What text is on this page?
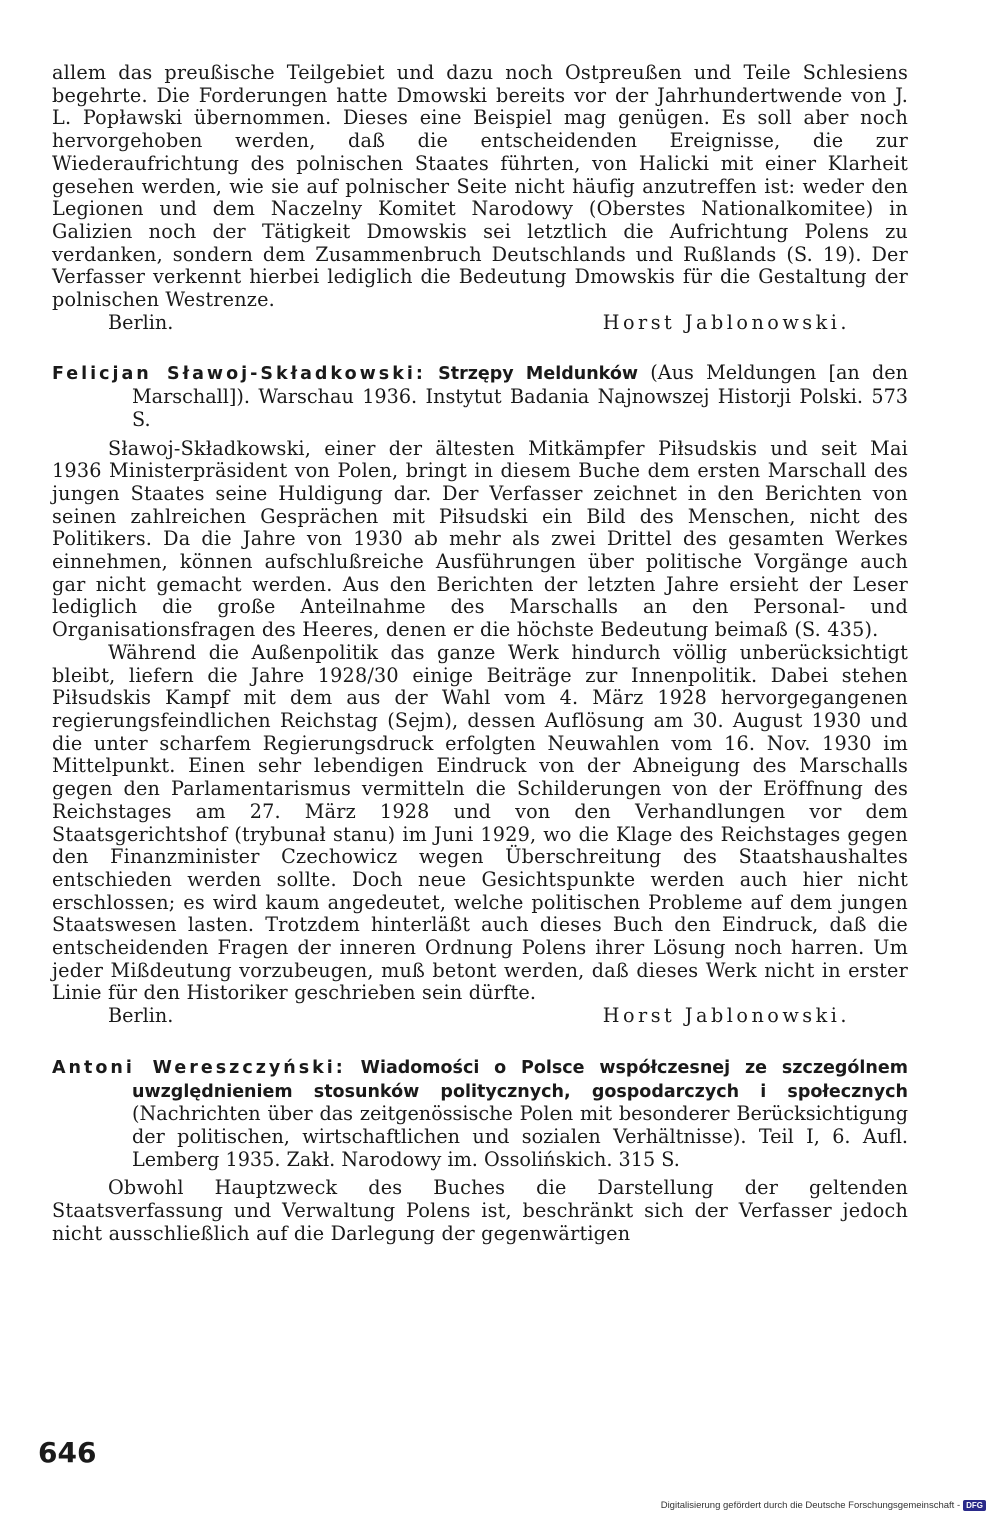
allem das preußische Teilgebiet und dazu noch Ostpreußen und Teile Schlesiens begehrte. Die Forderungen hatte Dmowski bereits vor der Jahrhundertwende von J. L. Popławski übernommen. Dieses eine Beispiel mag genügen. Es soll aber noch hervorgehoben werden, daß die entscheidenden Ereignisse, die zur Wiederaufrichtung des polnischen Staates führten, von Halicki mit einer Klarheit gesehen werden, wie sie auf polnischer Seite nicht häufig anzutreffen ist: weder den Legionen und dem Naczelny Komitet Narodowy (Oberstes Nationalkomitee) in Galizien noch der Tätigkeit Dmowskis sei letztlich die Aufrichtung Polens zu verdanken, sondern dem Zusammenbruch Deutschlands und Rußlands (S. 19). Der Verfasser verkennt hierbei lediglich die Bedeutung Dmowskis für die Gestaltung der polnischen Westrenze.

Berlin.	Horst Jablonowski.

Felicjan Sławoj-Składkowski: Strzępy Meldunków (Aus Meldungen [an den Marschall]). Warschau 1936. Instytut Badania Najnowszej Historji Polski. 573 S.

Sławoj-Składkowski, einer der ältesten Mitkämpfer Piłsudskis und seit Mai 1936 Ministerpräsident von Polen, bringt in diesem Buche dem ersten Marschall des jungen Staates seine Huldigung dar. Der Verfasser zeichnet in den Berichten von seinen zahlreichen Gesprächen mit Piłsudski ein Bild des Menschen, nicht des Politikers. Da die Jahre von 1930 ab mehr als zwei Drittel des gesamten Werkes einnehmen, können aufschlußreiche Ausführungen über politische Vorgänge auch gar nicht gemacht werden. Aus den Berichten der letzten Jahre ersieht der Leser lediglich die große Anteilnahme des Marschalls an den Personal- und Organisationsfragen des Heeres, denen er die höchste Bedeutung beimaß (S. 435).

Während die Außenpolitik das ganze Werk hindurch völlig unberücksichtigt bleibt, liefern die Jahre 1928/30 einige Beiträge zur Innenpolitik. Dabei stehen Piłsudskis Kampf mit dem aus der Wahl vom 4. März 1928 hervorgegangenen regierungsfeindlichen Reichstag (Sejm), dessen Auflösung am 30. August 1930 und die unter scharfem Regierungsdruck erfolgten Neuwahlen vom 16. Nov. 1930 im Mittelpunkt. Einen sehr lebendigen Eindruck von der Abneigung des Marschalls gegen den Parlamentarismus vermitteln die Schilderungen von der Eröffnung des Reichstages am 27. März 1928 und von den Verhandlungen vor dem Staatsgerichtshof (trybunał stanu) im Juni 1929, wo die Klage des Reichstages gegen den Finanzminister Czechowicz wegen Überschreitung des Staatshaushaltes entschieden werden sollte. Doch neue Gesichtspunkte werden auch hier nicht erschlossen; es wird kaum angedeutet, welche politischen Probleme auf dem jungen Staatswesen lasten. Trotzdem hinterläßt auch dieses Buch den Eindruck, daß die entscheidenden Fragen der inneren Ordnung Polens ihrer Lösung noch harren. Um jeder Mißdeutung vorzubeugen, muß betont werden, daß dieses Werk nicht in erster Linie für den Historiker geschrieben sein dürfte.

Berlin.	Horst Jablonowski.

Antoni Wereszczyński: Wiadomości o Polsce współczesnej ze szczególnem uwzględnieniem stosunków politycznych, gospodarczych i społecznych (Nachrichten über das zeitgenössische Polen mit besonderer Berücksichtigung der politischen, wirtschaftlichen und sozialen Verhältnisse). Teil I, 6. Aufl. Lemberg 1935. Zakł. Narodowy im. Ossolińskich. 315 S.

Obwohl Hauptzweck des Buches die Darstellung der geltenden Staatsverfassung und Verwaltung Polens ist, beschränkt sich der Verfasser jedoch nicht ausschließlich auf die Darlegung der gegenwärtigen

646
Digitalisierung gefördert durch die Deutsche Forschungsgemeinschaft - DFG
